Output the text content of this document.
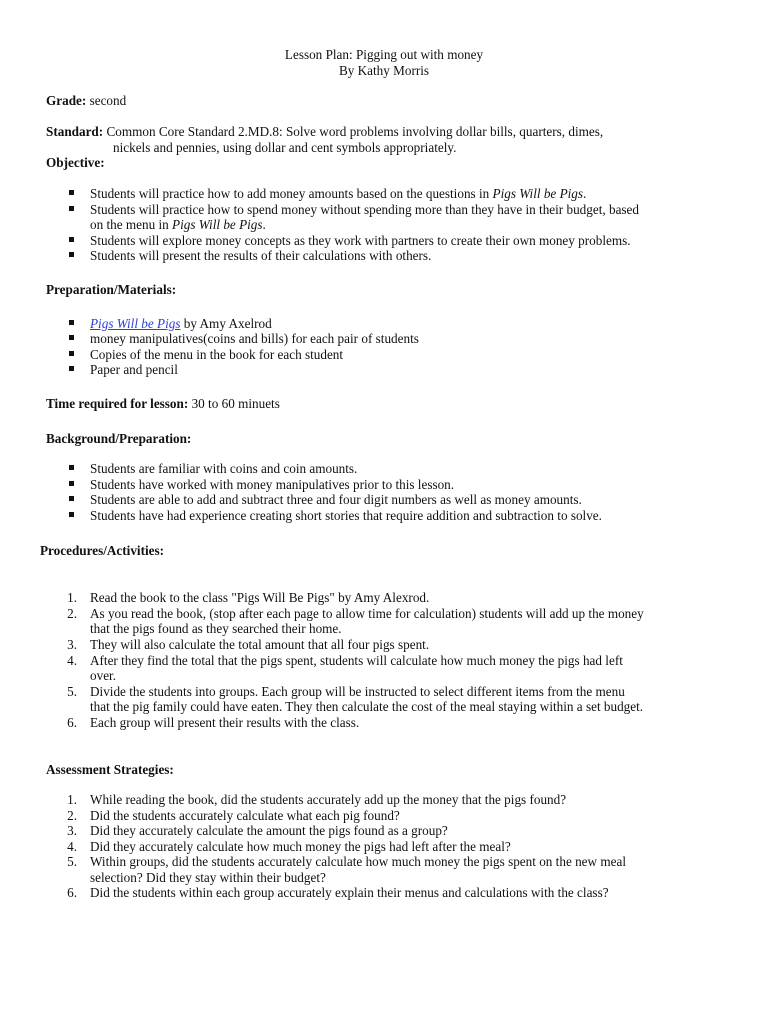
Lesson Plan: Pigging out with money
By Kathy Morris
Grade: second
Standard: Common Core Standard 2.MD.8: Solve word problems involving dollar bills, quarters, dimes,
nickels and pennies, using dollar and cent symbols appropriately.
Objective:
Students will practice how to add money amounts based on the questions in Pigs Will be Pigs.
Students will practice how to spend money without spending more than they have in their budget, based
on the menu in Pigs Will be Pigs.
Students will explore money concepts as they work with partners to create their own money problems.
Students will present the results of their calculations with others.
Preparation/Materials:
Pigs Will be Pigs by Amy Axelrod
money manipulatives(coins and bills) for each pair of students
Copies of the menu in the book for each student
Paper and pencil
Time required for lesson: 30 to 60 minuets
Background/Preparation:
Students are familiar with coins and coin amounts.
Students have worked with money manipulatives prior to this lesson.
Students are able to add and subtract three and four digit numbers as well as money amounts.
Students have had experience creating short stories that require addition and subtraction to solve.
Procedures/Activities:
1. Read the book to the class "Pigs Will Be Pigs" by Amy Alexrod.
2. As you read the book, (stop after each page to allow time for calculation) students will add up the money
that the pigs found as they searched their home.
3. They will also calculate the total amount that all four pigs spent.
4. After they find the total that the pigs spent, students will calculate how much money the pigs had left
over.
5. Divide the students into groups. Each group will be instructed to select different items from the menu
that the pig family could have eaten. They then calculate the cost of the meal staying within a set budget.
6. Each group will present their results with the class.
Assessment Strategies:
1. While reading the book, did the students accurately add up the money that the pigs found?
2. Did the students accurately calculate what each pig found?
3. Did they accurately calculate the amount the pigs found as a group?
4. Did they accurately calculate how much money the pigs had left after the meal?
5. Within groups, did the students accurately calculate how much money the pigs spent on the new meal
selection? Did they stay within their budget?
6. Did the students within each group accurately explain their menus and calculations with the class?
